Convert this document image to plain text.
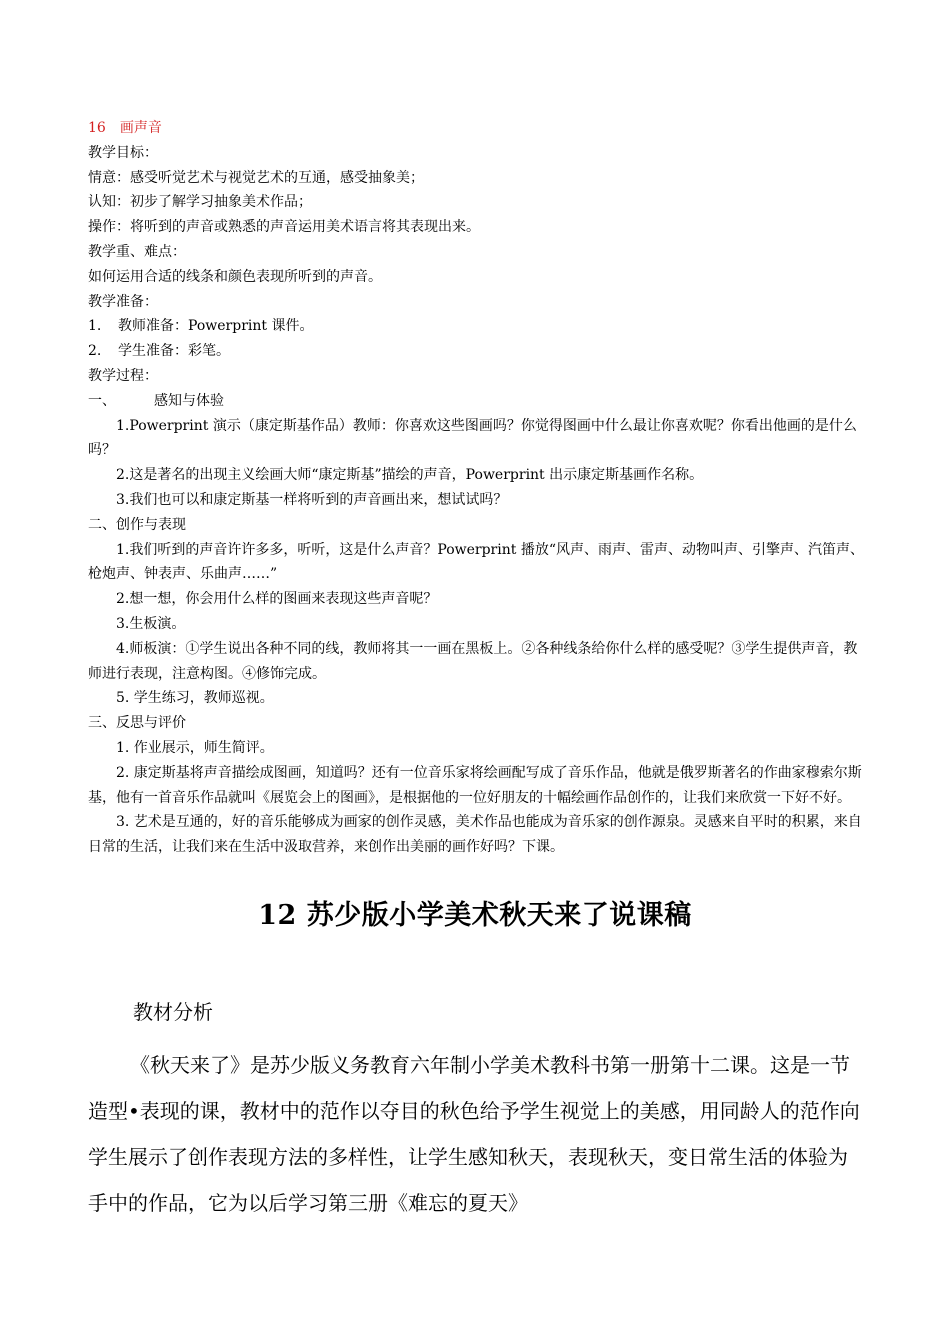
16　画声音

教学目标：

情意：感受听觉艺术与视觉艺术的互通，感受抽象美；

认知：初步了解学习抽象美术作品；

操作：将听到的声音或熟悉的声音运用美术语言将其表现出来。

教学重、难点：

如何运用合适的线条和颜色表现所听到的声音。

教学准备：

1. 教师准备：Powerprint 课件。

2. 学生准备：彩笔。

教学过程：

一、	感知与体验

1.Powerprint 演示（康定斯基作品）教师：你喜欢这些图画吗？你觉得图画中什么最让你喜欢呢？你看出他画的是什么吗？

2.这是著名的出现主义绘画大师“康定斯基”描绘的声音，Powerprint 出示康定斯基画作名称。

3.我们也可以和康定斯基一样将听到的声音画出来，想试试吗？

二、创作与表现

1.我们听到的声音许许多多，听听，这是什么声音？Powerprint 播放“风声、雨声、雷声、动物叫声、引擎声、汽笛声、枪炮声、钟表声、乐曲声……”

2.想一想，你会用什么样的图画来表现这些声音呢？

3.生板演。

4.师板演：①学生说出各种不同的线，教师将其一一画在黑板上。②各种线条给你什么样的感受呢？③学生提供声音，教师进行表现，注意构图。④修饰完成。

5. 学生练习，教师巡视。

三、反思与评价

1. 作业展示，师生简评。

2. 康定斯基将声音描绘成图画，知道吗？还有一位音乐家将绘画配写成了音乐作品，他就是俄罗斯著名的作曲家穆索尔斯基，他有一首音乐作品就叫《展览会上的图画》，是根据他的一位好朋友的十幅绘画作品创作的，让我们来欣赏一下好不好。

3. 艺术是互通的，好的音乐能够成为画家的创作灵感，美术作品也能成为音乐家的创作源泉。灵感来自平时的积累，来自日常的生活，让我们来在生活中汲取营养，来创作出美丽的画作好吗？下课。

12 苏少版小学美术秋天来了说课稿

教材分析

《秋天来了》是苏少版义务教育六年制小学美术教科书第一册第十二课。这是一节造型•表现的课，教材中的范作以夺目的秋色给予学生视觉上的美感，用同龄人的范作向学生展示了创作表现方法的多样性，让学生感知秋天，表现秋天，变日常生活的体验为手中的作品，它为以后学习第三册《难忘的夏天》
